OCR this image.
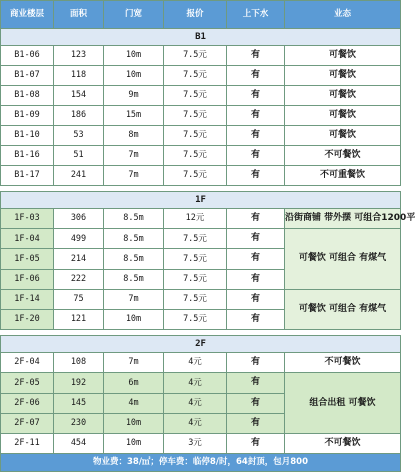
商业楼层	面积	门宽	报价	上下水	业态
B1					
B1-06	123	10m	7.5元	有	可餐饮
B1-07	118	10m	7.5元	有	可餐饮
B1-08	154	9m	7.5元	有	可餐饮
B1-09	186	15m	7.5元	有	可餐饮
B1-10	53	8m	7.5元	有	可餐饮
B1-16	51	7m	7.5元	有	不可餐饮
B1-17	241	7m	7.5元	有	不可重餐饮

1F					
1F-03	306	8.5m	12元	有	沿街商铺 带外摆 可组合1200平
1F-04	499	8.5m	7.5元	有	可餐饮 可组合 有煤气
1F-05	214	8.5m	7.5元	有	
1F-06	222	8.5m	7.5元	有	
1F-14	75	7m	7.5元	有	可餐饮 可组合 有煤气
1F-20	121	10m	7.5元	有	

2F					
2F-04	108	7m	4元	有	不可餐饮
2F-05	192	6m	4元	有	组合出租 可餐饮
2F-06	145	4m	4元	有	
2F-07	230	10m	4元	有	
2F-11	454	10m	3元	有	不可餐饮
物业费：38/㎡；停车费：临停8/时，64封顶，包月800					
